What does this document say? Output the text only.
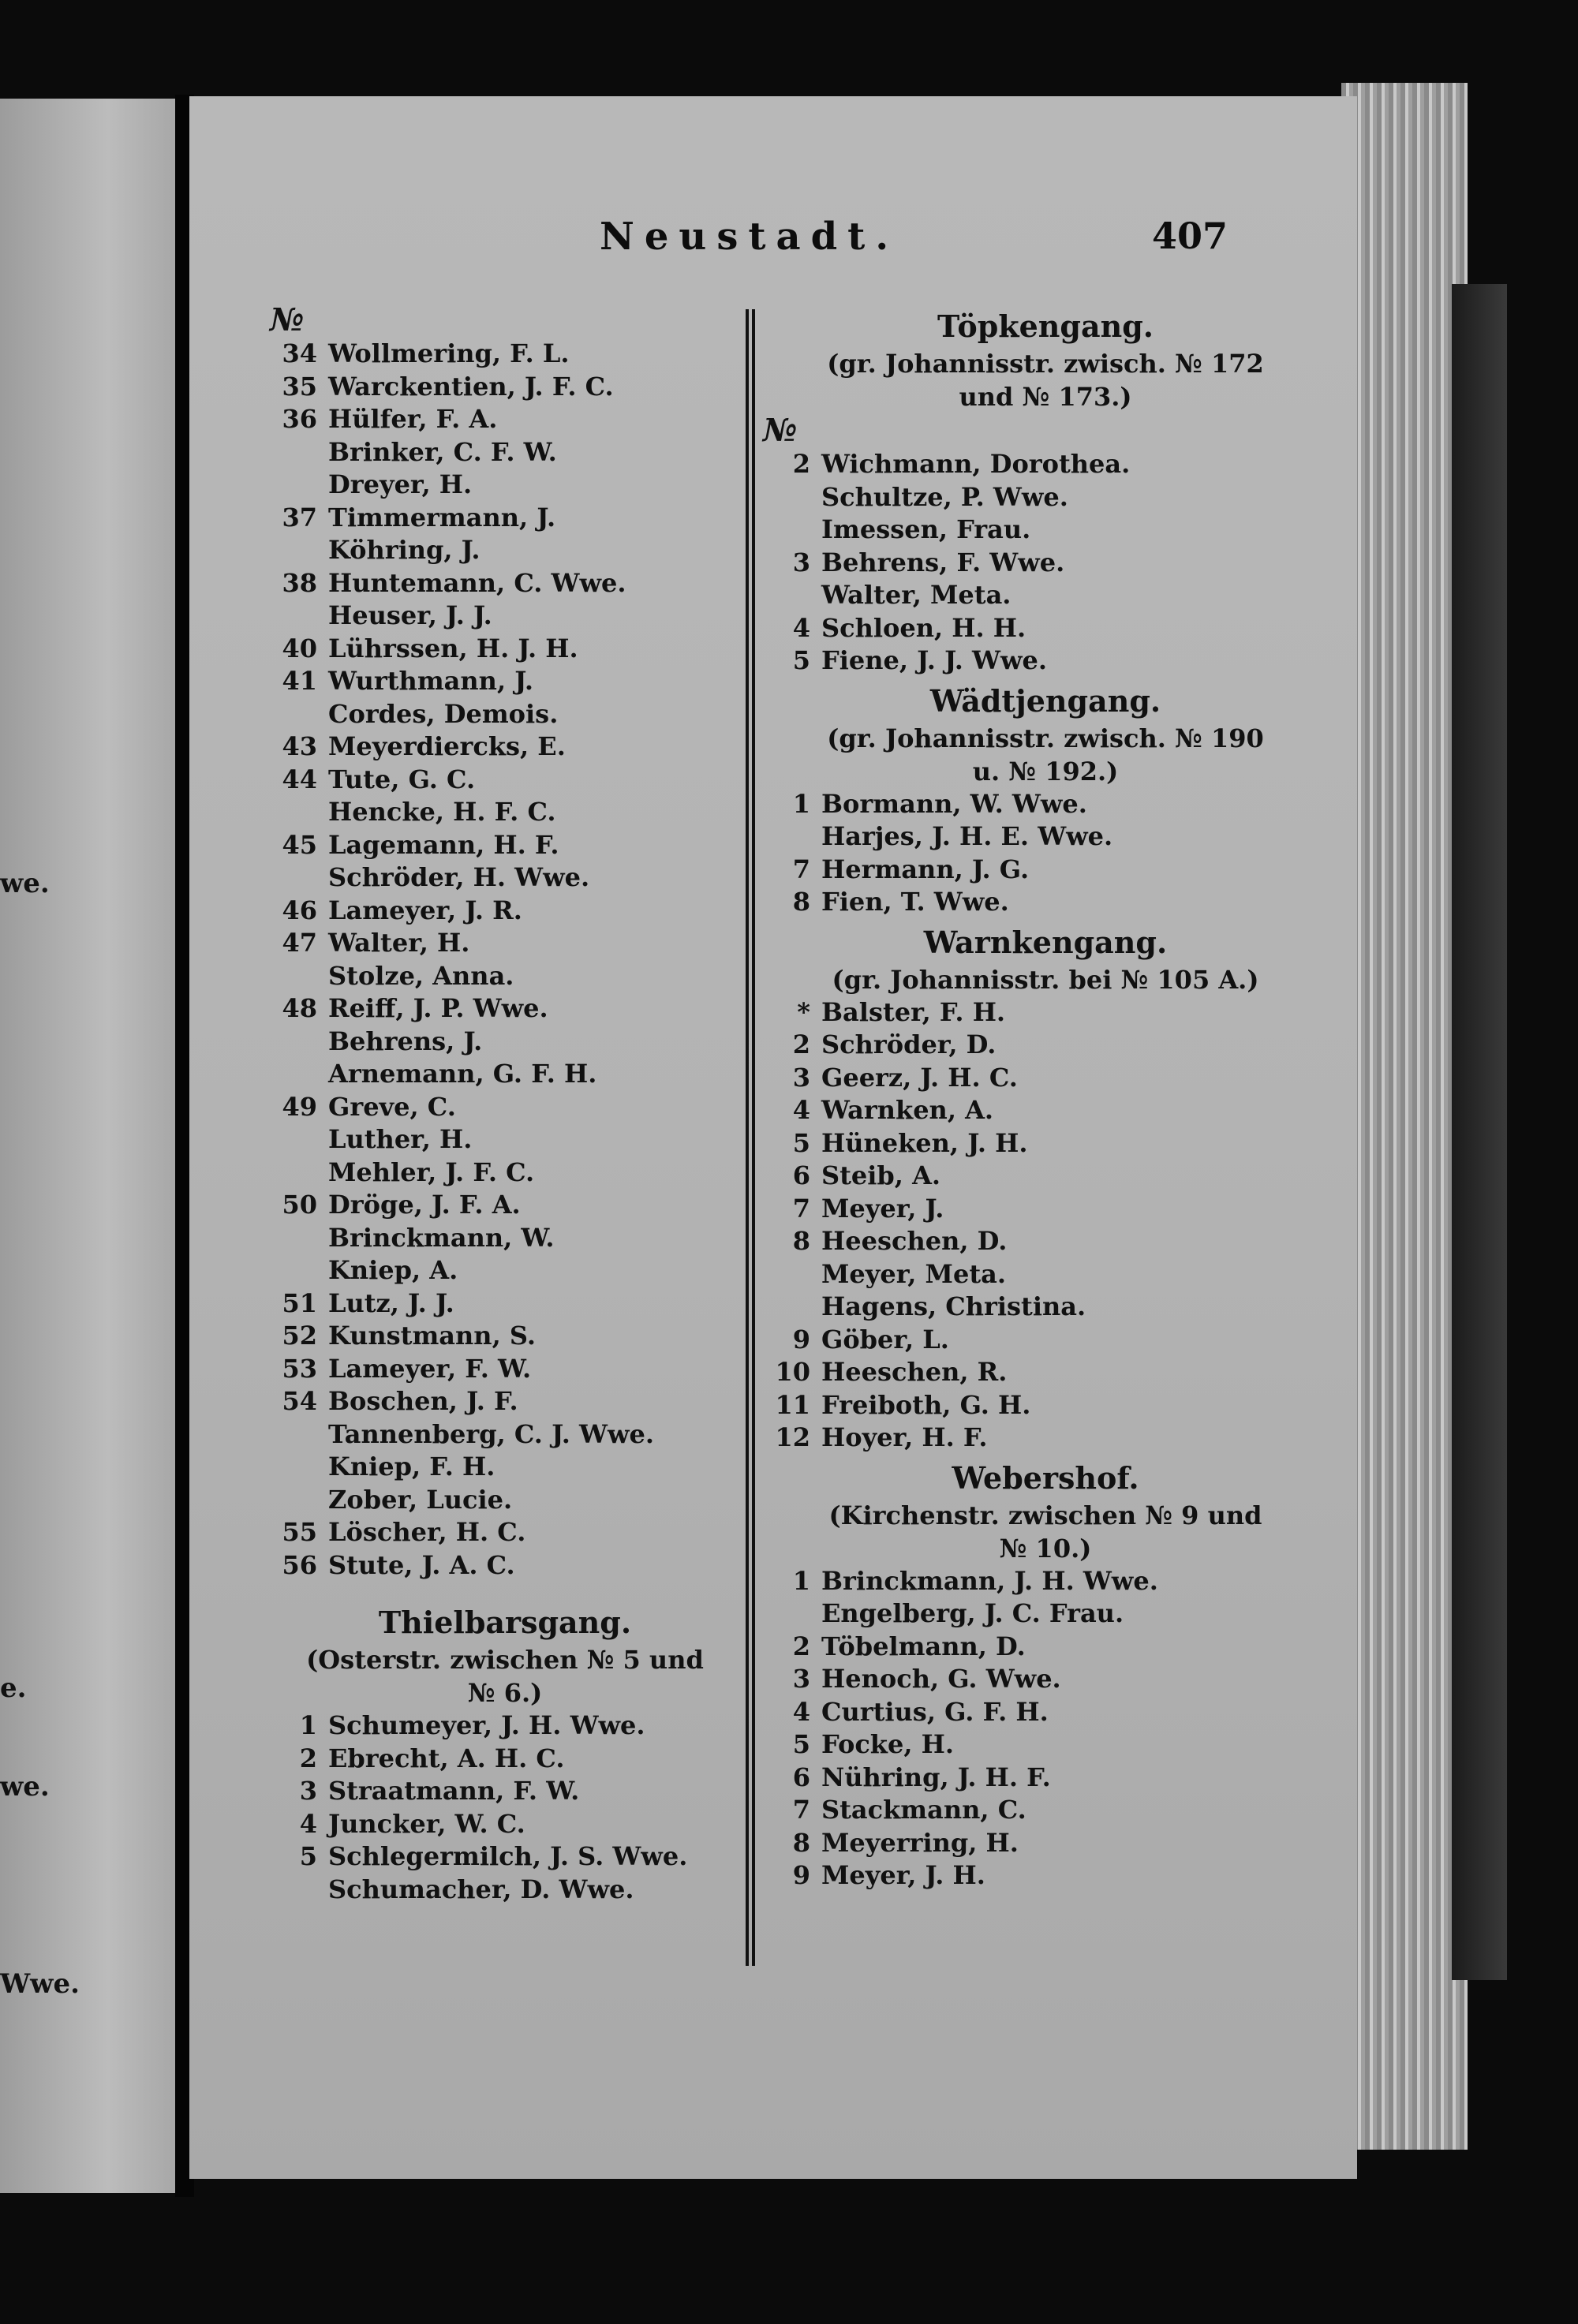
we.
e.
we.
Wwe.
Neustadt.	407
№
34 Wollmering, F. L.
35 Warckentien, J. F. C.
36 Hülfer, F. A.
Brinker, C. F. W.
Dreyer, H.
37 Timmermann, J.
Köhring, J.
38 Huntemann, C. Wwe.
Heuser, J. J.
40 Lührssen, H. J. H.
41 Wurthmann, J.
Cordes, Demois.
43 Meyerdiercks, E.
44 Tute, G. C.
Hencke, H. F. C.
45 Lagemann, H. F.
Schröder, H. Wwe.
46 Lameyer, J. R.
47 Walter, H.
Stolze, Anna.
48 Reiff, J. P. Wwe.
Behrens, J.
Arnemann, G. F. H.
49 Greve, C.
Luther, H.
Mehler, J. F. C.
50 Dröge, J. F. A.
Brinckmann, W.
Kniep, A.
51 Lutz, J. J.
52 Kunstmann, S.
53 Lameyer, F. W.
54 Boschen, J. F.
Tannenberg, C. J. Wwe.
Kniep, F. H.
Zober, Lucie.
55 Löscher, H. C.
56 Stute, J. A. C.
Thielbarsgang.
(Osterstr. zwischen № 5 und
№ 6.)
1 Schumeyer, J. H. Wwe.
2 Ebrecht, A. H. C.
3 Straatmann, F. W.
4 Juncker, W. C.
5 Schlegermilch, J. S. Wwe.
Schumacher, D. Wwe.
Töpkengang.
(gr. Johannisstr. zwisch. № 172
und № 173.)
№
2 Wichmann, Dorothea.
Schultze, P. Wwe.
Imessen, Frau.
3 Behrens, F. Wwe.
Walter, Meta.
4 Schloen, H. H.
5 Fiene, J. J. Wwe.
Wädtjengang.
(gr. Johannisstr. zwisch. № 190
u. № 192.)
1 Bormann, W. Wwe.
Harjes, J. H. E. Wwe.
7 Hermann, J. G.
8 Fien, T. Wwe.
Warnkengang.
(gr. Johannisstr. bei № 105 A.)
* Balster, F. H.
2 Schröder, D.
3 Geerz, J. H. C.
4 Warnken, A.
5 Hüneken, J. H.
6 Steib, A.
7 Meyer, J.
8 Heeschen, D.
Meyer, Meta.
Hagens, Christina.
9 Göber, L.
10 Heeschen, R.
11 Freiboth, G. H.
12 Hoyer, H. F.
Webershof.
(Kirchenstr. zwischen № 9 und
№ 10.)
1 Brinckmann, J. H. Wwe.
Engelberg, J. C. Frau.
2 Töbelmann, D.
3 Henoch, G. Wwe.
4 Curtius, G. F. H.
5 Focke, H.
6 Nühring, J. H. F.
7 Stackmann, C.
8 Meyerring, H.
9 Meyer, J. H.
